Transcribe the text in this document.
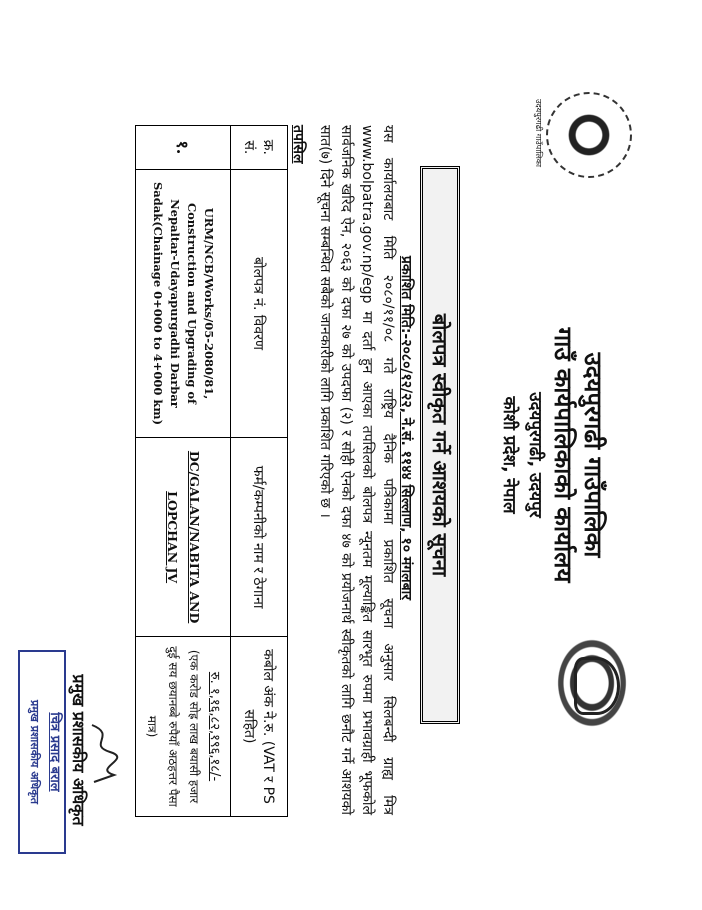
उदयपुरगढी गाउँपालिका
उदयपुरगढी गाउँपालिका
गाउँ कार्यपालिकाको कार्यालय
उदयपुरगढी, उदयपुर
कोशी प्रदेश, नेपाल
बोलपत्र स्वीकृत गर्ने आशयको सूचना
प्रकाशित मिति:-२०८०/१२/२२, ने.सं. ११४४ सिल्लाण, १० मंगलबार
यस कार्यालयबाट मिति २०८०/११/०८ गते राष्ट्रिय दैनिक पत्रिकामा प्रकाशित सूचना अनुसार सिलबन्दी ग्राह्य मित्र www.bolpatra.gov.np/egp मा दर्ता हुन आएका तपसिलको बोलपत्र न्यूनतम मूल्याङ्कित सारभूत रुपमा प्रभावग्राही भूफकोले सार्वजनिक खरिद ऐन, २०६३ को दफा २७ को उपदफा (२) र सोही ऐनको दफा ४७ को प्रयोजनार्थ स्वीकृतको लागि छनौट गर्ने आशयको सात(७) दिने सूचना सम्बन्धित सबैको जानकारीको लागि प्रकाशित गरिएको छ ।
तपसिल
क्र. सं.	बोलपत्र नं. विवरण	फर्म/कम्पनीको नाम र ठेगाना	कबोल अंक ने.रु. (VAT र PS सहित)
१.	URM/NCB/Works/05-2080/81, Construction and Upgrading of Nepaltar-Udayapurgadhi Darbar Sadak(Chainage 0+000 to 4+000 km)	DC/GALAN/NABITA AND LOPCHAN JV	रु. १,१६,८२,१९६,१८/-
(एक करोड सोह्र लाख बयासी हजार दुई सय छयानब्बे रुपैयाँ अठहत्तर पैसा मात्र)
प्रमुख प्रशासकीय अधिकृत
चित्र प्रसाद बराल
प्रमुख प्रशासकीय अधिकृत
